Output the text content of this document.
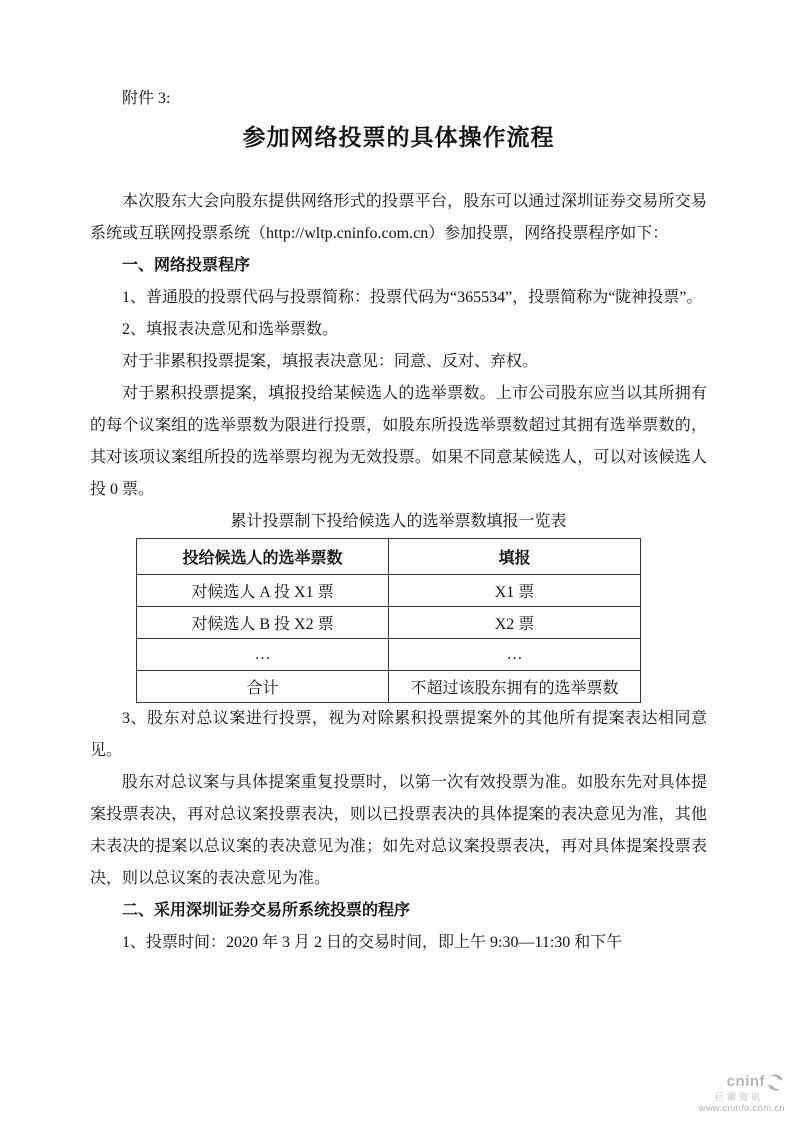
附件 3:
参加网络投票的具体操作流程

本次股东大会向股东提供网络形式的投票平台，股东可以通过深圳证券交易所交易系统或互联网投票系统（http://wltp.cninfo.com.cn）参加投票，网络投票程序如下：

一、网络投票程序

1、普通股的投票代码与投票简称：投票代码为“365534”，投票简称为“陇神投票”。

2、填报表决意见和选举票数。

对于非累积投票提案，填报表决意见：同意、反对、弃权。

对于累积投票提案，填报投给某候选人的选举票数。上市公司股东应当以其所拥有的每个议案组的选举票数为限进行投票，如股东所投选举票数超过其拥有选举票数的，其对该项议案组所投的选举票均视为无效投票。如果不同意某候选人，可以对该候选人投 0 票。

累计投票制下投给候选人的选举票数填报一览表
投给候选人的选举票数	填报
对候选人 A 投 X1 票	X1 票
对候选人 B 投 X2 票	X2 票
…	…
合计	不超过该股东拥有的选举票数

3、股东对总议案进行投票，视为对除累积投票提案外的其他所有提案表达相同意见。

股东对总议案与具体提案重复投票时，以第一次有效投票为准。如股东先对具体提案投票表决，再对总议案投票表决，则以已投票表决的具体提案的表决意见为准，其他未表决的提案以总议案的表决意见为准；如先对总议案投票表决，再对具体提案投票表决，则以总议案的表决意见为准。

二、采用深圳证券交易所系统投票的程序

1、投票时间：2020 年 3 月 2 日的交易时间，即上午 9:30—11:30 和下午

cninf
巨潮资讯
www.cninfo.com.cn
